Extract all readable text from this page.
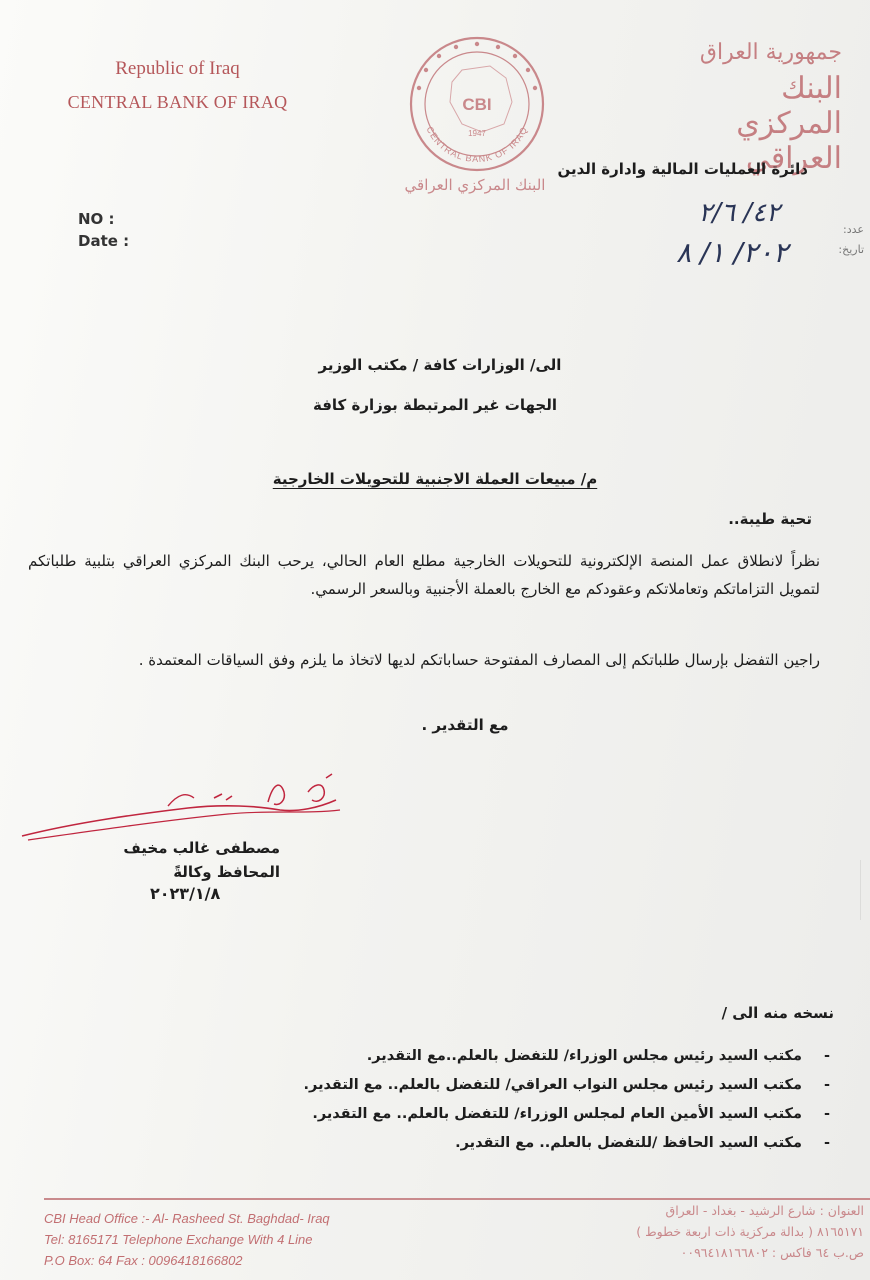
Republic of Iraq
CENTRAL BANK OF IRAQ	CBI
1947
CENTRAL BANK OF IRAQ
البنك المركزي العراقي
جمهورية العراق
البنك المركزي العراقي
دائرة العمليات المالية وادارة الدين
NO :
Date :
عدد:
تاريخ:
٤٢/ ٢/٦
٢٠٢/ ١/ ٨
الى/ الوزارات كافة / مكتب الوزير
الجهات غير المرتبطة بوزارة كافة
م/ مبيعات العملة الاجنبية للتحويلات الخارجية
تحية طيبة..
نظراً لانطلاق عمل المنصة الإلكترونية للتحويلات الخارجية مطلع العام الحالي، يرحب البنك المركزي العراقي بتلبية طلباتكم لتمويل التزاماتكم وتعاملاتكم وعقودكم مع الخارج بالعملة الأجنبية وبالسعر الرسمي.
راجين التفضل بإرسال طلباتكم إلى المصارف المفتوحة حساباتكم لديها لاتخاذ ما يلزم وفق السياقات المعتمدة .
مع التقدير .
مصطفى غالب مخيف
المحافظ وكالةً
٢٠٢٣/١/٨
نسخه منه الى /
- مكتب السيد رئيس مجلس الوزراء/ للتفضل بالعلم..مع التقدير.
- مكتب السيد رئيس مجلس النواب العراقي/ للتفضل بالعلم.. مع التقدير.
- مكتب السيد الأمين العام لمجلس الوزراء/ للتفضل بالعلم.. مع التقدير.
- مكتب السيد الحافظ /للتفضل بالعلم.. مع التقدير.
CBI Head Office :- Al- Rasheed St. Baghdad- Iraq
Tel: 8165171 Telephone Exchange With 4 Line
P.O Box: 64 Fax : 0096418166802
العنوان : شارع الرشيد - بغداد - العراق
٨١٦٥١٧١ ( بدالة مركزية ذات اربعة خطوط )
ص.ب ٦٤ فاكس : ٠٠٩٦٤١٨١٦٦٨٠٢
